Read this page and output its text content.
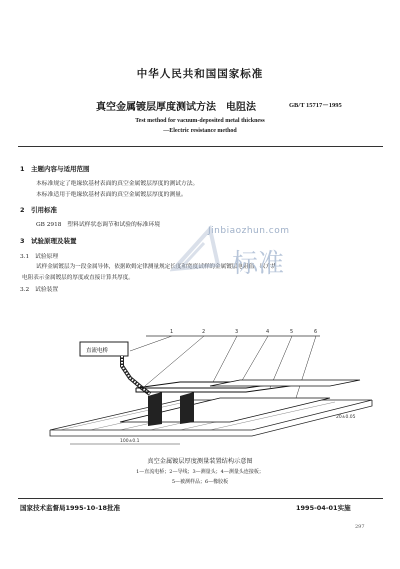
中华人民共和国国家标准
真空金属镀层厚度测试方法　电阻法	GB/T 15717－1995
Test method for vacuum-deposited metal thickness
—Electric resistance method
1　主题内容与适用范围
本标准规定了绝缘软基材表面的真空金属镀层厚度的测试方法。
本标准适用于绝缘软基材表面的真空金属镀层厚度的测量。
2　引用标准
GB 2918　塑料试样状态调节和试验的标准环境
3　试验原理及装置
3.1　试验原理
试样金属镀层为一段金属导体，依据欧姆定律测量规定长度和宽度试样的金属镀层电阻值，以方块
电阻表示金属镀层的厚度或直接计算其厚度。
3.2　试验装置
Jinbiaozhun.com
标准
1	2	3	4	5	6
直流电桥
100±0.1
20±0.05
真空金属镀层厚度测量装置结构示意图
1—直流电桥；2—导线；3—测量头；4—测量头连接板；
5—被测样品；6—橡胶板
国家技术监督局1995-10-18批准	1995-04-01实施
297
